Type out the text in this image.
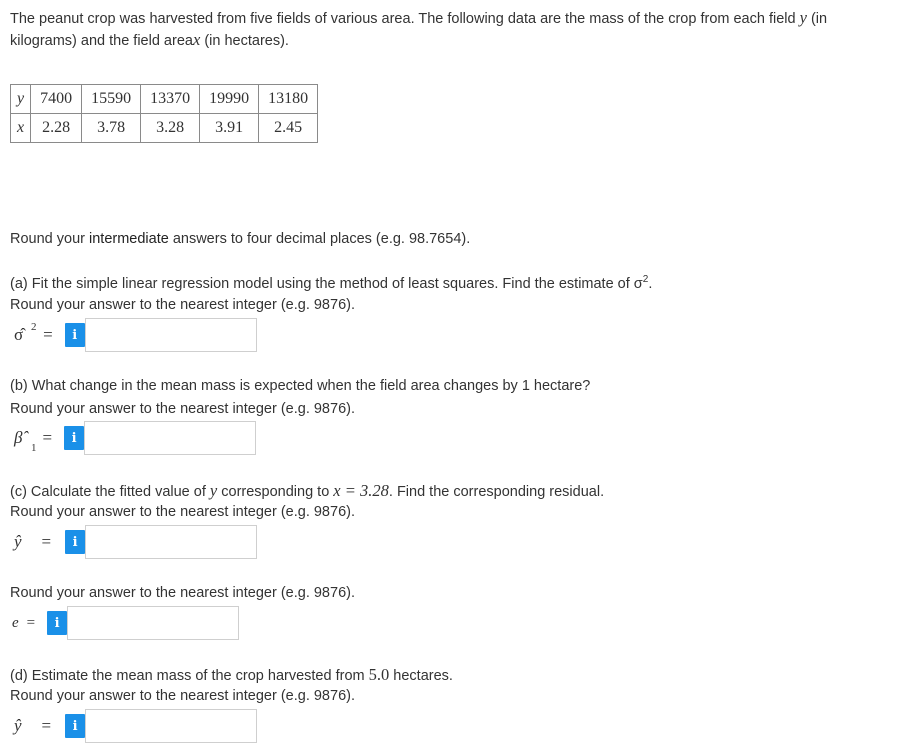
The peanut crop was harvested from five fields of various area. The following data are the mass of the crop from each field y (in
kilograms) and the field areax (in hectares).
y	7400	15590	13370	19990	13180
x	2.28	3.78	3.28	3.91	2.45
Round your intermediate answers to four decimal places (e.g. 98.7654).
(a) Fit the simple linear regression model using the method of least squares. Find the estimate of $\sigma^2$.
Round your answer to the nearest integer (e.g. 9876).
σ̂ 2 =	i
(b) What change in the mean mass is expected when the field area changes by 1 hectare?
Round your answer to the nearest integer (e.g. 9876).
β̂
1
=	i
(c) Calculate the fitted value of y corresponding to x = 3.28. Find the corresponding residual.
Round your answer to the nearest integer (e.g. 9876).
ŷ =	i
Round your answer to the nearest integer (e.g. 9876).
e =	i
(d) Estimate the mean mass of the crop harvested from 5.0 hectares.
Round your answer to the nearest integer (e.g. 9876).
ŷ =	i
